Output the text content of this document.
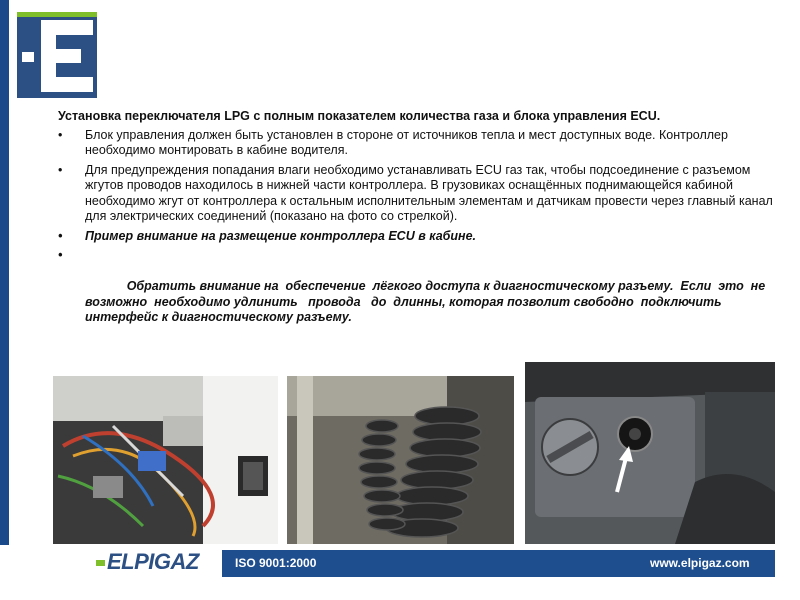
Установка переключателя LPG с полным показателем количества газа и блока управления ECU.
• Блок управления должен быть установлен в стороне от источников тепла и мест доступных воде. Контроллер необходимо монтировать в кабине водителя.
• Для предупреждения попадания влаги необходимо устанавливать ECU газ так, чтобы подсоединение с разъемом жгутов проводов находилось в нижней части контроллера. В грузовиках оснащённых поднимающейся кабиной необходимо жгут от контроллера к остальным исполнительным элементам и датчикам провести через главный канал для электрических соединений (показано на фото со стрелкой).
• Пример внимание на размещение контроллера ECU в кабине.

•

Обратить внимание на  обеспечение  лёгкого доступа к диагностическому разъему.  Если  это  не возможно  необходимо удлинить   провода   до  длинны, которая позволит свободно  подключить интерфейс к диагностическому разъему.

ELPIGAZ	ISO 9001:2000	www.elpigaz.com
